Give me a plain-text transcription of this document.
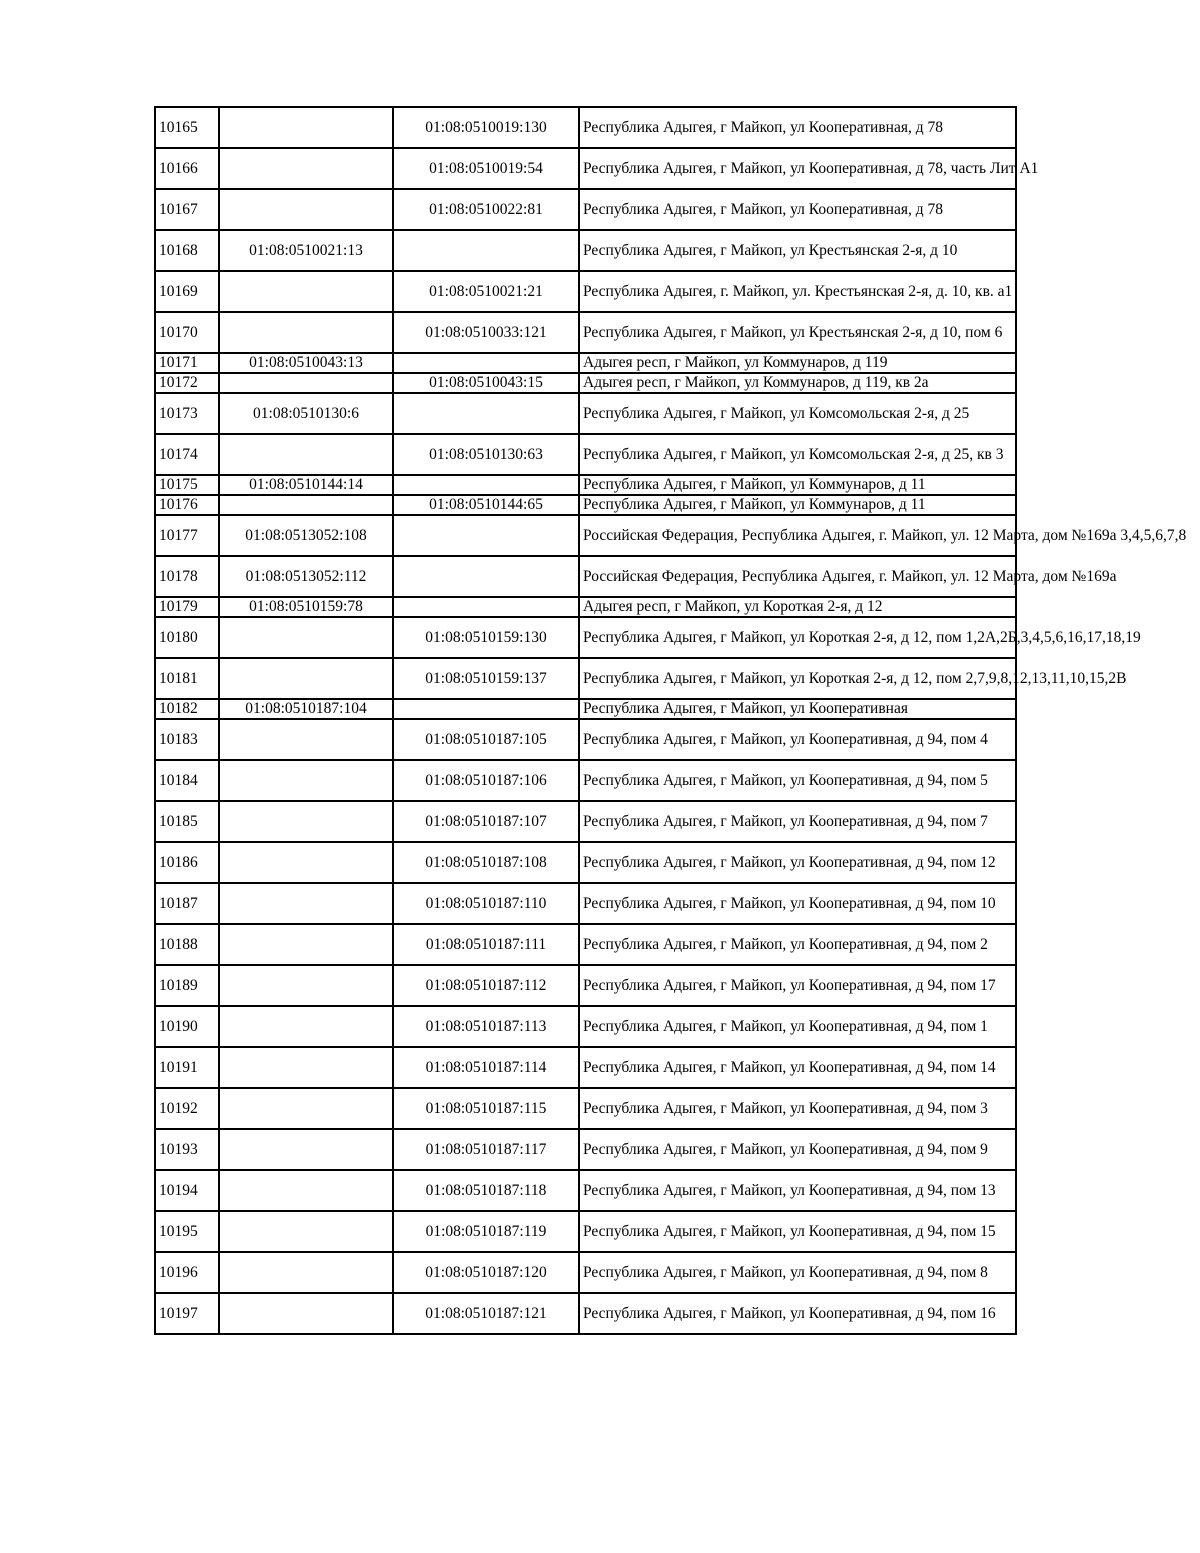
10165		01:08:0510019:130	Республика Адыгея, г Майкоп, ул Кооперативная, д 78
10166		01:08:0510019:54	Республика Адыгея, г Майкоп, ул Кооперативная, д 78, часть Лит А1
10167		01:08:0510022:81	Республика Адыгея, г Майкоп, ул Кооперативная, д 78
10168	01:08:0510021:13		Республика Адыгея, г Майкоп, ул Крестьянская 2-я, д 10
10169		01:08:0510021:21	Республика Адыгея, г. Майкоп, ул. Крестьянская 2-я, д. 10, кв. а1
10170		01:08:0510033:121	Республика Адыгея, г Майкоп, ул Крестьянская 2-я, д 10, пом 6
10171	01:08:0510043:13		Адыгея респ, г Майкоп, ул Коммунаров, д 119
10172		01:08:0510043:15	Адыгея респ, г Майкоп, ул Коммунаров, д 119, кв 2а
10173	01:08:0510130:6		Республика Адыгея, г Майкоп, ул Комсомольская 2-я, д 25
10174		01:08:0510130:63	Республика Адыгея, г Майкоп, ул Комсомольская 2-я, д 25, кв 3
10175	01:08:0510144:14		Республика Адыгея, г Майкоп, ул Коммунаров, д 11
10176		01:08:0510144:65	Республика Адыгея, г Майкоп, ул Коммунаров, д 11
10177	01:08:0513052:108		Российская Федерация, Республика Адыгея, г. Майкоп, ул. 12 Марта, дом №169а 3,4,5,6,7,8
10178	01:08:0513052:112		Российская Федерация, Республика Адыгея, г. Майкоп, ул. 12 Марта, дом №169а
10179	01:08:0510159:78		Адыгея респ, г Майкоп, ул Короткая 2-я, д 12
10180		01:08:0510159:130	Республика Адыгея, г Майкоп, ул Короткая 2-я, д 12, пом 1,2А,2Б,3,4,5,6,16,17,18,19
10181		01:08:0510159:137	Республика Адыгея, г Майкоп, ул Короткая 2-я, д 12, пом 2,7,9,8,12,13,11,10,15,2В
10182	01:08:0510187:104		Республика Адыгея, г Майкоп, ул Кооперативная
10183		01:08:0510187:105	Республика Адыгея, г Майкоп, ул Кооперативная, д 94, пом 4
10184		01:08:0510187:106	Республика Адыгея, г Майкоп, ул Кооперативная, д 94, пом 5
10185		01:08:0510187:107	Республика Адыгея, г Майкоп, ул Кооперативная, д 94, пом 7
10186		01:08:0510187:108	Республика Адыгея, г Майкоп, ул Кооперативная, д 94, пом 12
10187		01:08:0510187:110	Республика Адыгея, г Майкоп, ул Кооперативная, д 94, пом 10
10188		01:08:0510187:111	Республика Адыгея, г Майкоп, ул Кооперативная, д 94, пом 2
10189		01:08:0510187:112	Республика Адыгея, г Майкоп, ул Кооперативная, д 94, пом 17
10190		01:08:0510187:113	Республика Адыгея, г Майкоп, ул Кооперативная, д 94, пом 1
10191		01:08:0510187:114	Республика Адыгея, г Майкоп, ул Кооперативная, д 94, пом 14
10192		01:08:0510187:115	Республика Адыгея, г Майкоп, ул Кооперативная, д 94, пом 3
10193		01:08:0510187:117	Республика Адыгея, г Майкоп, ул Кооперативная, д 94, пом 9
10194		01:08:0510187:118	Республика Адыгея, г Майкоп, ул Кооперативная, д 94, пом 13
10195		01:08:0510187:119	Республика Адыгея, г Майкоп, ул Кооперативная, д 94, пом 15
10196		01:08:0510187:120	Республика Адыгея, г Майкоп, ул Кооперативная, д 94, пом 8
10197		01:08:0510187:121	Республика Адыгея, г Майкоп, ул Кооперативная, д 94, пом 16
